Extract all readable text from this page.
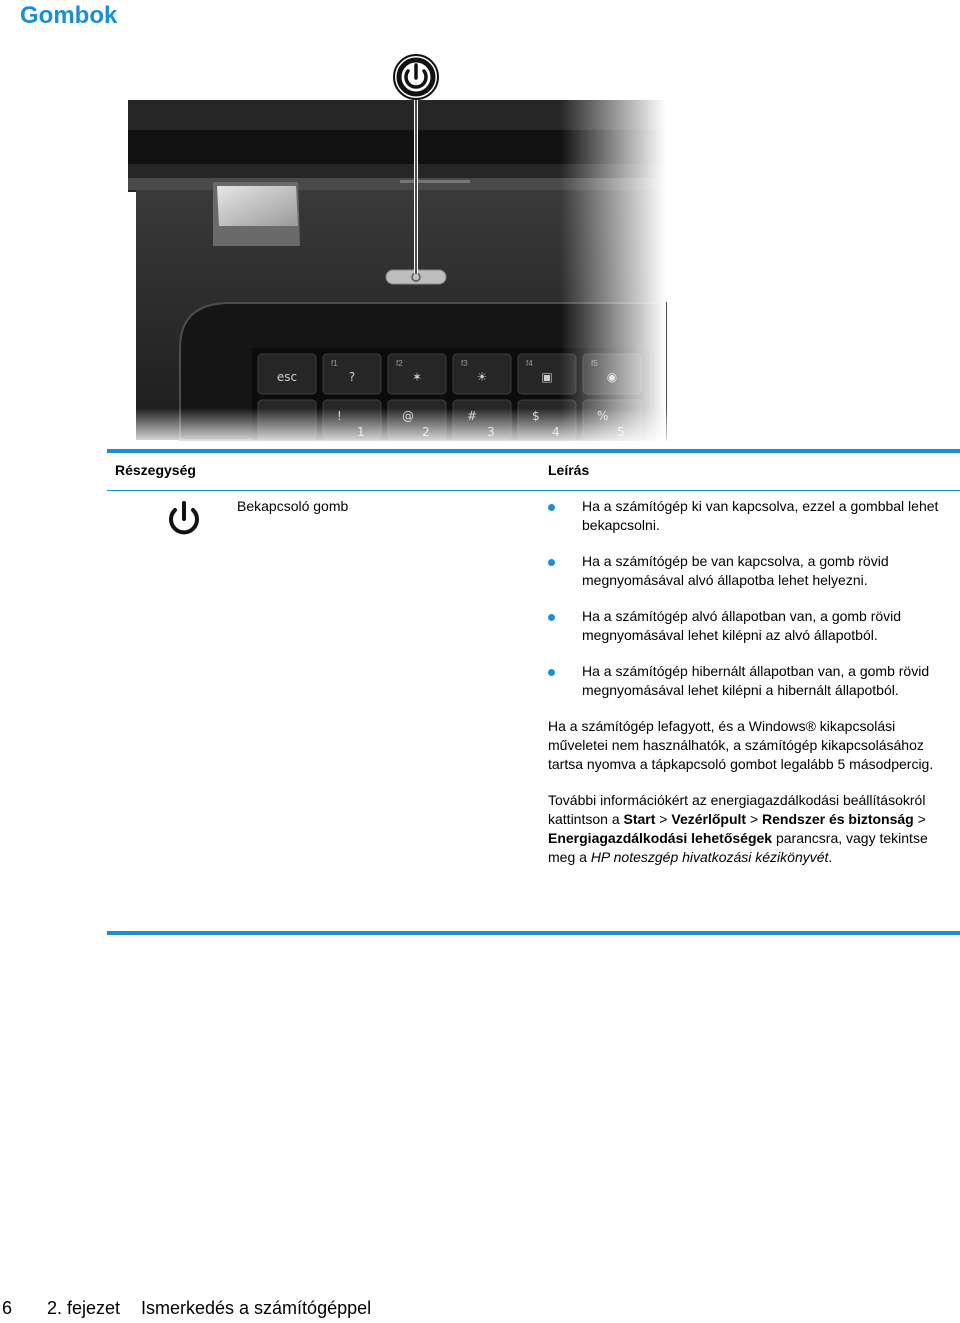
Gombok
esc
f1
?
f2
✶
f3
☀
f4
▣
Részegység	Leírás
Bekapcsoló gomb	Ha a számítógép ki van kapcsolva, ezzel a gombbal lehet bekapcsolni.
Ha a számítógép be van kapcsolva, a gomb rövid megnyomásával alvó állapotba lehet helyezni.
Ha a számítógép alvó állapotban van, a gomb rövid megnyomásával lehet kilépni az alvó állapotból.
Ha a számítógép hibernált állapotban van, a gomb rövid megnyomásával lehet kilépni a hibernált állapotból.

Ha a számítógép lefagyott, és a Windows® kikapcsolási műveletei nem használhatók, a számítógép kikapcsolásához tartsa nyomva a tápkapcsoló gombot legalább 5 másodpercig.

További információkért az energiagazdálkodási beállításokról kattintson a Start > Vezérlőpult > Rendszer és biztonság > Energiagazdálkodási lehetőségek parancsra, vagy tekintse meg a HP noteszgép hivatkozási kézikönyvét.

6 2. fejezet Ismerkedés a számítógéppel
